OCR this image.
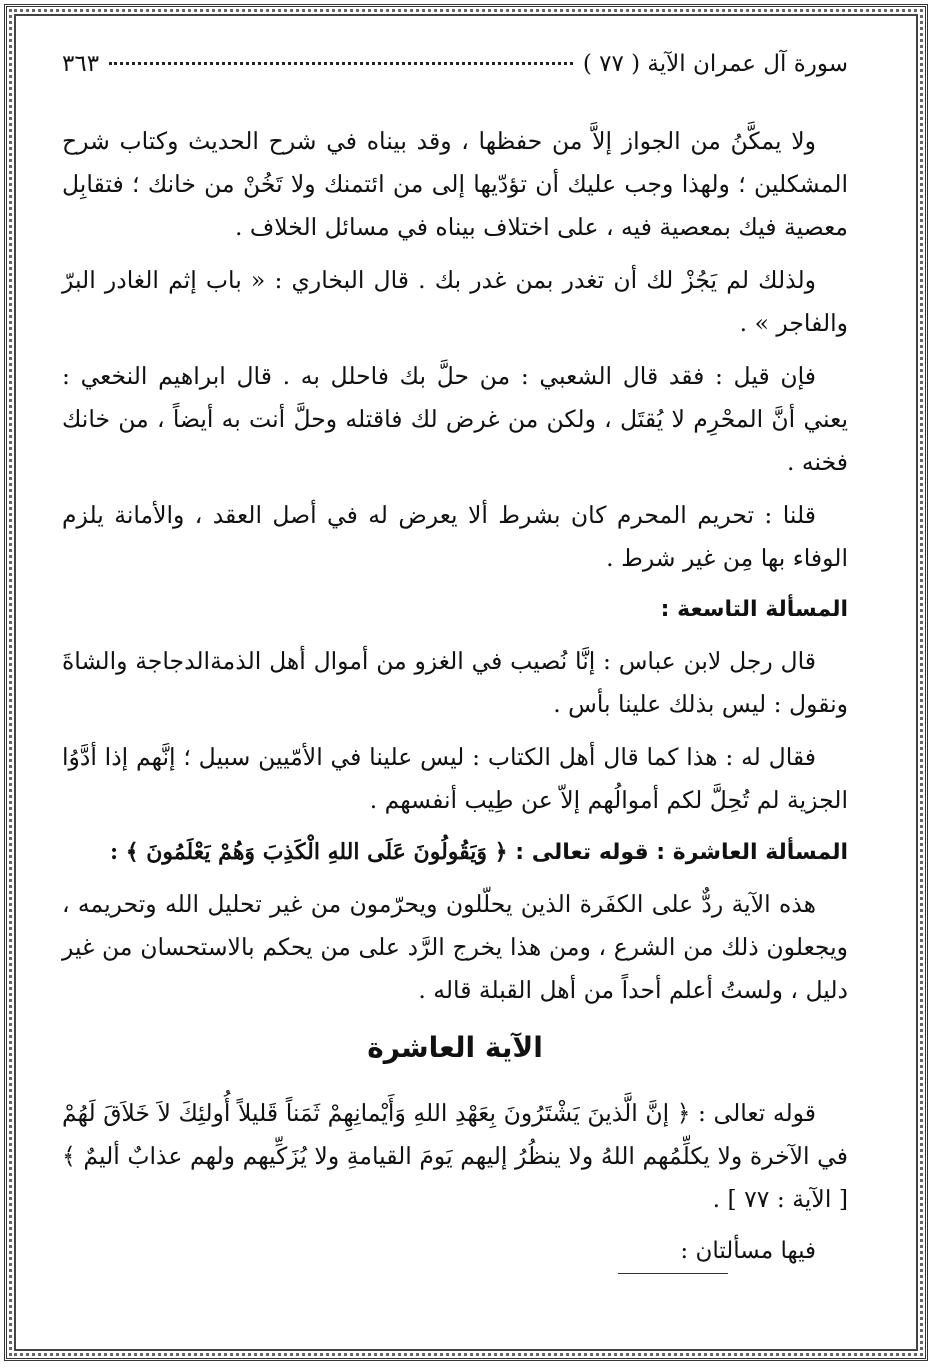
سورة آل عمران الآية ( ٧٧ )
٣٦٣

ولا يمكَّنُ من الجواز إلاَّ من حفظها ، وقد بيناه في شرح الحديث وكتاب شرح المشكلين ؛ ولهذا وجب عليك أن تؤدّيها إلى من ائتمنك ولا تَخُنْ من خانك ؛ فتقابِل معصية فيك بمعصية فيه ، على اختلاف بيناه في مسائل الخلاف .

ولذلك لم يَجُزْ لك أن تغدر بمن غدر بك . قال البخاري : « باب إثم الغادر البرّ والفاجر » .

فإن قيل : فقد قال الشعبي : من حلَّ بك فاحلل به . قال ابراهيم النخعي : يعني أنَّ المحْرِم لا يُقتَل ، ولكن من غرض لك فاقتله وحلَّ أنت به أيضاً ، من خانك فخنه .

قلنا : تحريم المحرم كان بشرط ألا يعرض له في أصل العقد ، والأمانة يلزم الوفاء بها مِن غير شرط .

المسألة التاسعة :

قال رجل لابن عباس : إنَّا نُصيب في الغزو من أموال أهل الذمةالدجاجة والشاةَ ونقول : ليس بذلك علينا بأس .

فقال له : هذا كما قال أهل الكتاب : ليس علينا في الأمّيين سبيل ؛ إنَّهم إذا أدَّوُا الجزية لم تُحِلَّ لكم أموالُهم إلاّ عن طِيب أنفسهم .

المسألة العاشرة : قوله تعالى : ﴿ وَيَقُولُونَ عَلَى اللهِ الْكَذِبَ وَهُمْ يَعْلَمُونَ ﴾ :

هذه الآية ردٌّ على الكفَرة الذين يحلّلون ويحرّمون من غير تحليل الله وتحريمه ، ويجعلون ذلك من الشرع ، ومن هذا يخرج الرَّد على من يحكم بالاستحسان من غير دليل ، ولستُ أعلم أحداً من أهل القبلة قاله .

الآية العاشرة

قوله تعالى : ﴿ إنَّ الَّذينَ يَشْتَرُونَ بِعَهْدِ اللهِ وَأَيْمانِهِمْ ثَمَناً قَليلاً أُولئِكَ لاَ خَلاَقَ لَهُمْ في الآخرة ولا يكلِّمُهم اللهُ ولا ينظُرُ إليهم يَومَ القيامةِ ولا يُزَكِّيهم ولهم عذابٌ أليمٌ ﴾ [ الآية : ٧٧ ] .

فيها مسألتان :
